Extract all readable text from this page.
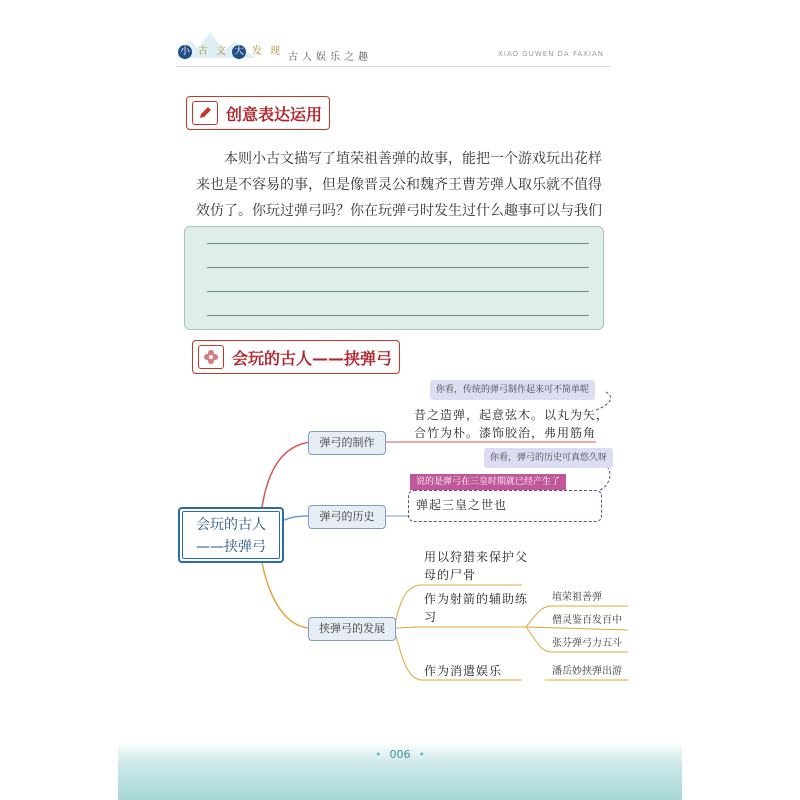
小 古 文 大 发 现
古人娱乐之趣	XIAO GUWEN DA FAXIAN
创意表达运用
本则小古文描写了埴荣祖善弹的故事，能把一个游戏玩出花样来也是不容易的事，但是像晋灵公和魏齐王曹芳弹人取乐就不值得效仿了。你玩过弹弓吗？你在玩弹弓时发生过什么趣事可以与我们
会玩的古人——挟弹弓
会玩的古人
——挟弹弓
弹弓的制作
你看，传统的弹弓制作起来可不简单呢
昔之造弹，起意弦木。以丸为矢，
合竹为朴。漆饰胶治，弗用筋角
弹弓的历史
你看，弹弓的历史可真悠久呀
说的是弹弓在三皇时期就已经产生了
弹起三皇之世也
挟弹弓的发展
用以狩猎来保护父
母的尸骨
作为射箭的辅助练
习
作为消遣娱乐
埴荣祖善弹
僧灵鉴百发百中
张芬弹弓力五斗
潘岳妙挟弹出游
• 006 •
